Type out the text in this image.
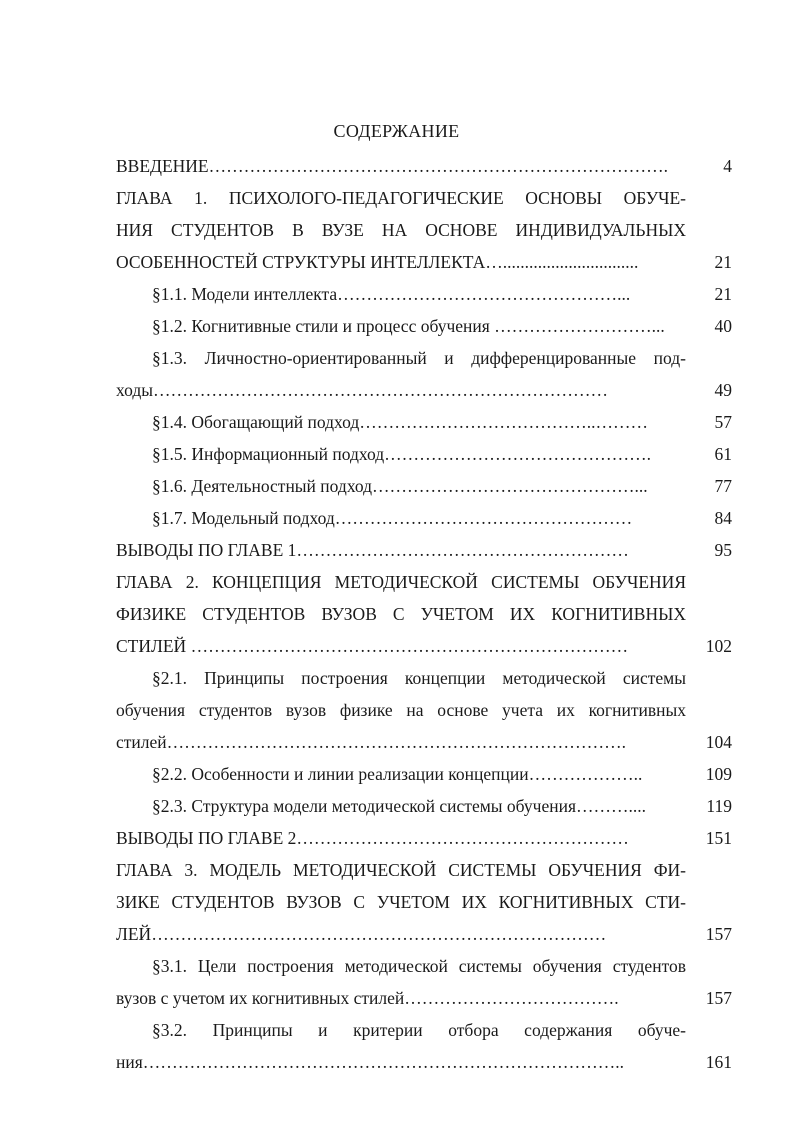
СОДЕРЖАНИЕ
ВВЕДЕНИЕ…………………………………………………………………….	4
ГЛАВА 1. ПСИХОЛОГО-ПЕДАГОГИЧЕСКИЕ ОСНОВЫ ОБУЧЕ-
НИЯ СТУДЕНТОВ В ВУЗЕ НА ОСНОВЕ ИНДИВИДУАЛЬНЫХ
ОСОБЕННОСТЕЙ СТРУКТУРЫ ИНТЕЛЛЕКТА…...............................	21
§1.1. Модели интеллекта…………………………………………...	21
§1.2. Когнитивные стили и процесс обучения ………………………...	40
§1.3. Личностно-ориентированный и дифференцированные под-
ходы……………………………………………………………………	49
§1.4. Обогащающий подход…………………………………..………	57
§1.5. Информационный подход……………………………………….	61
§1.6. Деятельностный подход………………………………………...	77
§1.7. Модельный подход……………………………………………	84
ВЫВОДЫ ПО ГЛАВЕ 1…………………………………………………	95
ГЛАВА 2. КОНЦЕПЦИЯ МЕТОДИЧЕСКОЙ СИСТЕМЫ ОБУЧЕНИЯ
ФИЗИКЕ СТУДЕНТОВ ВУЗОВ С УЧЕТОМ ИХ КОГНИТИВНЫХ
СТИЛЕЙ …………………………………………………………………	102
§2.1. Принципы построения концепции методической системы
обучения студентов вузов физике на основе учета их когнитивных
стилей…………………………………………………………………….	104
§2.2. Особенности и линии реализации концепции………………..	109
§2.3. Структура модели методической системы обучения………....	119
ВЫВОДЫ ПО ГЛАВЕ 2…………………………………………………	151
ГЛАВА 3. МОДЕЛЬ МЕТОДИЧЕСКОЙ СИСТЕМЫ ОБУЧЕНИЯ ФИ-
ЗИКЕ СТУДЕНТОВ ВУЗОВ С УЧЕТОМ ИХ КОГНИТИВНЫХ СТИ-
ЛЕЙ……………………………………………………………………	157
§3.1. Цели построения методической системы обучения студентов
вузов с учетом их когнитивных стилей……………………………….	157
§3.2. Принципы и критерии отбора содержания обуче-
ния………………………………………………………………………..	161
